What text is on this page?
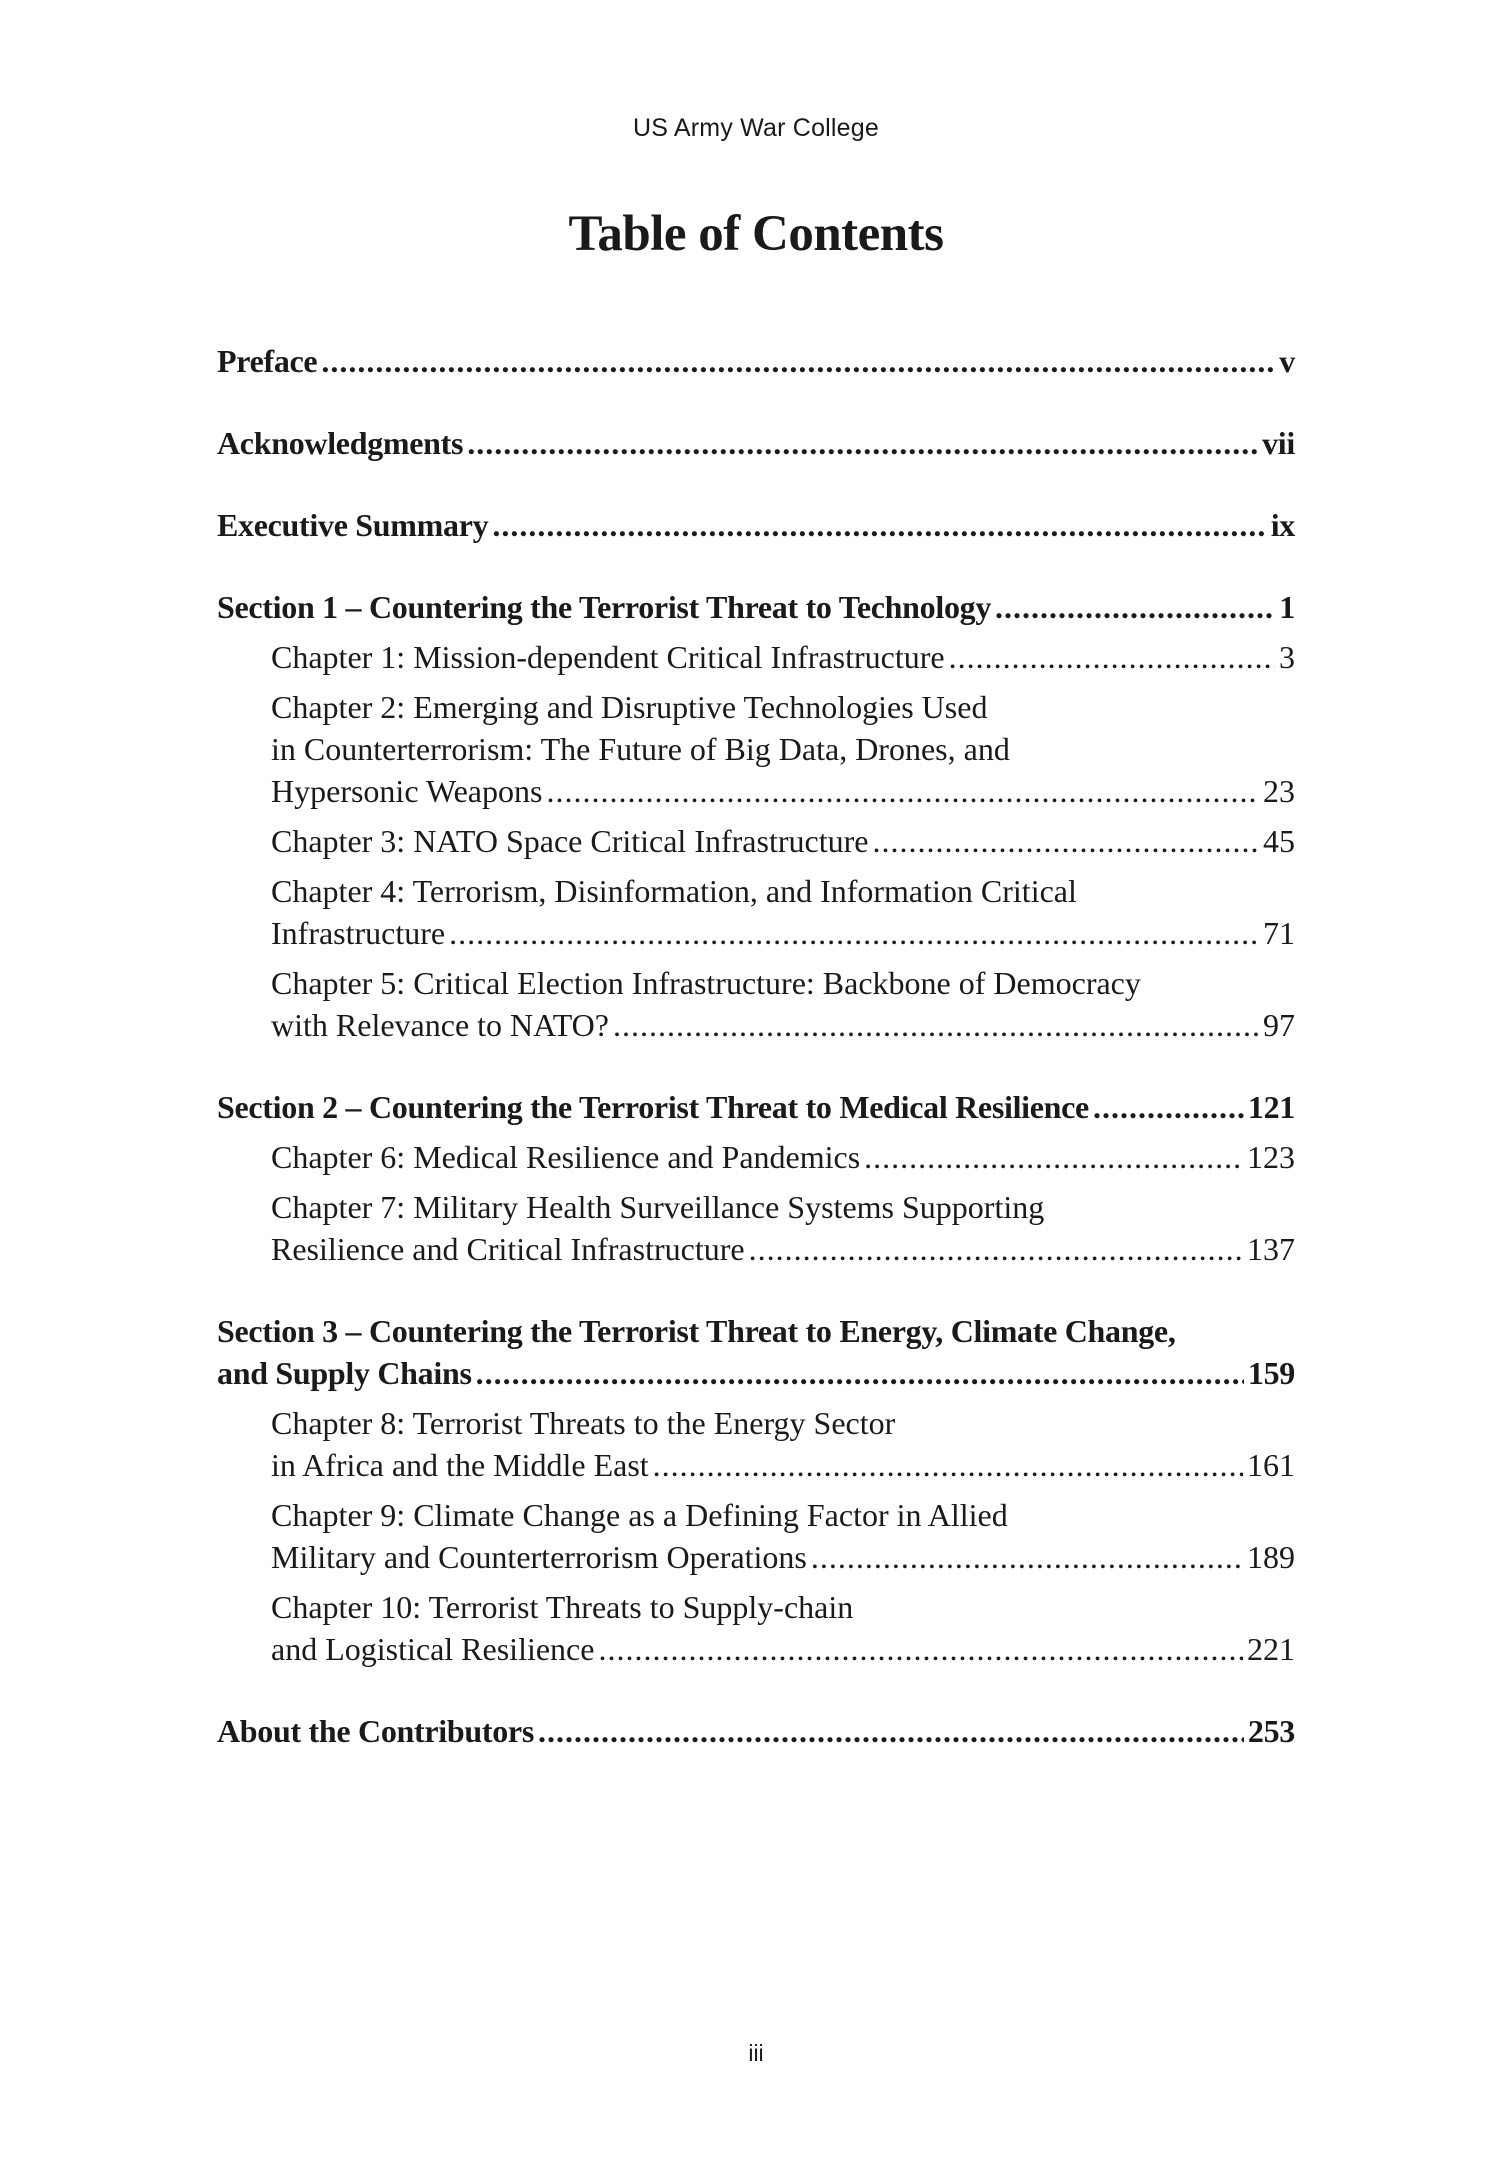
US Army War College
Table of Contents
Preface .....	v
Acknowledgments .....	vii
Executive Summary .....	ix
Section 1 – Countering the Terrorist Threat to Technology .....	1
Chapter 1: Mission-dependent Critical Infrastructure .....	3
Chapter 2: Emerging and Disruptive Technologies Used
in Counterterrorism: The Future of Big Data, Drones, and
Hypersonic Weapons .....	23
Chapter 3: NATO Space Critical Infrastructure .....	45
Chapter 4: Terrorism, Disinformation, and Information Critical
Infrastructure .....	71
Chapter 5: Critical Election Infrastructure: Backbone of Democracy
with Relevance to NATO? .....	97
Section 2 – Countering the Terrorist Threat to Medical Resilience .....	121
Chapter 6: Medical Resilience and Pandemics .....	123
Chapter 7: Military Health Surveillance Systems Supporting
Resilience and Critical Infrastructure .....	137
Section 3 – Countering the Terrorist Threat to Energy, Climate Change,
and Supply Chains .....	159
Chapter 8: Terrorist Threats to the Energy Sector
in Africa and the Middle East .....	161
Chapter 9: Climate Change as a Defining Factor in Allied
Military and Counterterrorism Operations .....	189
Chapter 10: Terrorist Threats to Supply-chain
and Logistical Resilience .....	221
About the Contributors .....	253
iii
